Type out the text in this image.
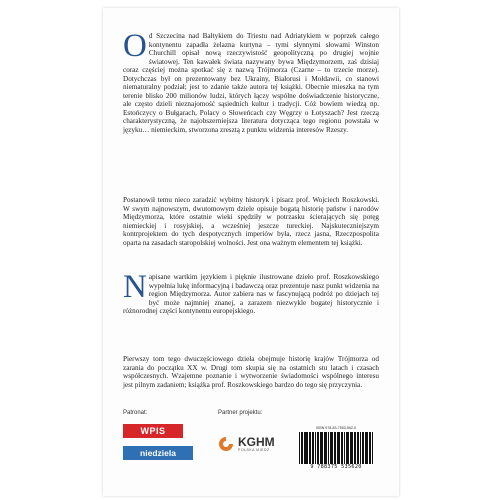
Od Szczecina nad Bałtykiem do Triestu nad Adriatykiem w poprzek całego kontynentu zapadła żelazna kurtyna – tymi słynnymi słowami Winston Churchill opisał nową rzeczywistość geopolityczną po drugiej wojnie światowej. Ten kawałek świata nazywany bywa Międzymorzem, zaś dzisiaj coraz częściej można spotkać się z nazwą Trójmorza (Czarne – to trzecie morze). Dotychczas był on prezentowany bez Ukrainy, Białorusi i Mołdawii, co stanowi niematuralny podział; jest to zdanie także autora tej książki. Obecnie mieszka na tym terenie blisko 200 milionów ludzi, których łączy wspólne doświadczenie historyczne, ale często dzieli nieznajomość sąsiednich kultur i tradycji. Cóż bowiem wiedzą np. Estończycy o Bułgarach, Polacy o Słoweńcach czy Węgrzy o Łotyszach? Jest rzeczą charakterystyczną, że najobszerniejsza literatura dotycząca tego regionu powstała w języku… niemieckim, stworzona zresztą z punktu widzenia interesów Rzeszy.

Postanowił temu nieco zaradzić wybitny historyk i pisarz prof. Wojciech Roszkowski. W swym najnowszym, dwutomowym dziele opisuje bogatą historię państw i narodów Międzymorza, które ostatnie wieki spędziły w potrzasku ścierających się potęg niemieckiej i rosyjskiej, a wcześniej jeszcze tureckiej. Najskuteczniejszym kontrprojektem do tych despotycznych imperiów była, rzecz jasna, Rzeczpospolita oparta na zasadach staropolskiej wolności. Jest ona ważnym elementem tej książki.

Napisane wartkim językiem i pięknie ilustrowane dzieło prof. Roszkowskiego wypełnia lukę informacyjną i badawczą oraz prezentuje nasz punkt widzenia na region Międzymorza. Autor zabiera nas w fascynującą podróż po dziejach tej być może najmniej znanej, a zarazem niezwykle bogatej historycznie i różnorodnej części kontynentu europejskiego.

Pierwszy tom tego dwuczęściowego dzieła obejmuje historię krajów Trójmorza od zarania do początku XX w. Drugi tom skupia się na ostatnich stu latach i czasach współczesnych. Wzajemne poznanie i wytworzenie świadomości wspólnego interesu jest pilnym zadaniem; książka prof. Roszkowskiego bardzo do tego się przyczynia.

Patronat:	Partner projektu:
WPIS
niedziela
KGHM
POLSKA MIEDŹ
ISBN 978-83-7553-562-0
9 788375 535620
